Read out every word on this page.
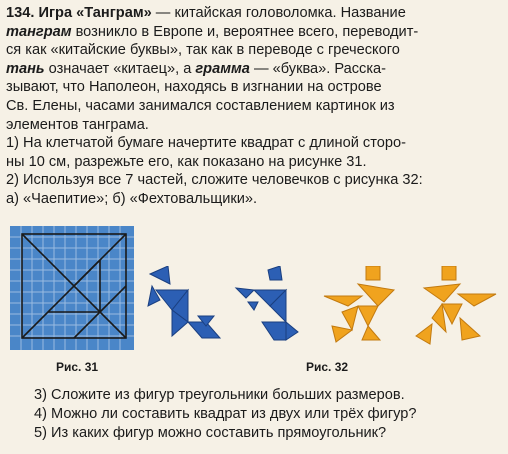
134. Игра «Танграм» — китайская головоломка. Название
танграм возникло в Европе и, вероятнее всего, переводит-
ся как «китайские буквы», так как в переводе с греческого
тань означает «китаец», а грамма — «буква». Расска-
зывают, что Наполеон, находясь в изгнании на острове
Св. Елены, часами занимался составлением картинок из
элементов танграма.
1) На клетчатой бумаге начертите квадрат с длиной сторо-
ны 10 см, разрежьте его, как показано на рисунке 31.
2) Используя все 7 частей, сложите человечков с рисунка 32:
а) «Чаепитие»; б) «Фехтовальщики».
Рис. 31	Рис. 32
3) Сложите из фигур треугольники больших размеров.
4) Можно ли составить квадрат из двух или трёх фигур?
5) Из каких фигур можно составить прямоугольник?
